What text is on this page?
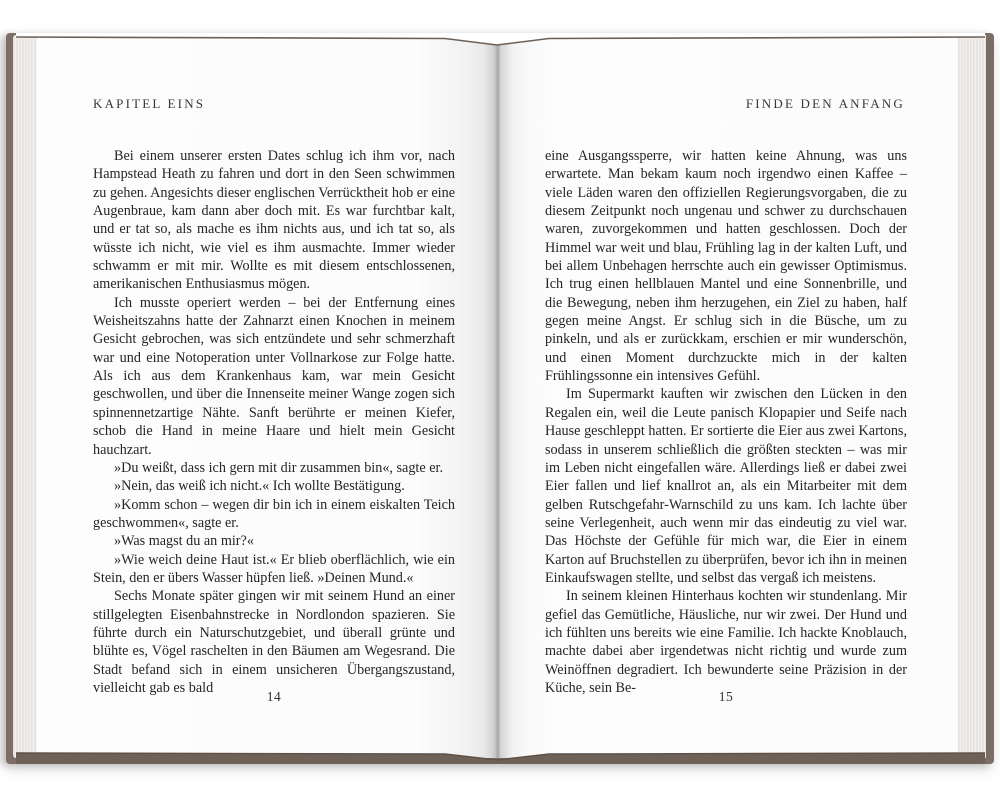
KAPITEL EINS

Bei einem unserer ersten Dates schlug ich ihm vor, nach Hampstead Heath zu fahren und dort in den Seen schwimmen zu gehen. Angesichts dieser englischen Verrücktheit hob er eine Augenbraue, kam dann aber doch mit. Es war furchtbar kalt, und er tat so, als mache es ihm nichts aus, und ich tat so, als wüsste ich nicht, wie viel es ihm ausmachte. Immer wieder schwamm er mit mir. Wollte es mit diesem entschlossenen, amerikanischen Enthusiasmus mögen.

Ich musste operiert werden – bei der Entfernung eines Weisheitszahns hatte der Zahnarzt einen Knochen in meinem Gesicht gebrochen, was sich entzündete und sehr schmerzhaft war und eine Notoperation unter Vollnarkose zur Folge hatte. Als ich aus dem Krankenhaus kam, war mein Gesicht geschwollen, und über die Innenseite meiner Wange zogen sich spinnennetzartige Nähte. Sanft berührte er meinen Kiefer, schob die Hand in meine Haare und hielt mein Gesicht hauchzart.

»Du weißt, dass ich gern mit dir zusammen bin«, sagte er.

»Nein, das weiß ich nicht.« Ich wollte Bestätigung.

»Komm schon – wegen dir bin ich in einem eiskalten Teich geschwommen«, sagte er.

»Was magst du an mir?«

»Wie weich deine Haut ist.« Er blieb oberflächlich, wie ein Stein, den er übers Wasser hüpfen ließ. »Deinen Mund.«

Sechs Monate später gingen wir mit seinem Hund an einer stillgelegten Eisenbahnstrecke in Nordlondon spazieren. Sie führte durch ein Naturschutzgebiet, und überall grünte und blühte es, Vögel raschelten in den Bäumen am Wegesrand. Die Stadt befand sich in einem unsicheren Übergangszustand, vielleicht gab es bald

14
FINDE DEN ANFANG

eine Ausgangssperre, wir hatten keine Ahnung, was uns erwartete. Man bekam kaum noch irgendwo einen Kaffee – viele Läden waren den offiziellen Regierungsvorgaben, die zu diesem Zeitpunkt noch ungenau und schwer zu durchschauen waren, zuvorgekommen und hatten geschlossen. Doch der Himmel war weit und blau, Frühling lag in der kalten Luft, und bei allem Unbehagen herrschte auch ein gewisser Optimismus. Ich trug einen hellblauen Mantel und eine Sonnenbrille, und die Bewegung, neben ihm herzugehen, ein Ziel zu haben, half gegen meine Angst. Er schlug sich in die Büsche, um zu pinkeln, und als er zurückkam, erschien er mir wunderschön, und einen Moment durchzuckte mich in der kalten Frühlingssonne ein intensives Gefühl.

Im Supermarkt kauften wir zwischen den Lücken in den Regalen ein, weil die Leute panisch Klopapier und Seife nach Hause geschleppt hatten. Er sortierte die Eier aus zwei Kartons, sodass in unserem schließlich die größten steckten – was mir im Leben nicht eingefallen wäre. Allerdings ließ er dabei zwei Eier fallen und lief knallrot an, als ein Mitarbeiter mit dem gelben Rutschgefahr-Warnschild zu uns kam. Ich lachte über seine Verlegenheit, auch wenn mir das eindeutig zu viel war. Das Höchste der Gefühle für mich war, die Eier in einem Karton auf Bruchstellen zu überprüfen, bevor ich ihn in meinen Einkaufswagen stellte, und selbst das vergaß ich meistens.

In seinem kleinen Hinterhaus kochten wir stundenlang. Mir gefiel das Gemütliche, Häusliche, nur wir zwei. Der Hund und ich fühlten uns bereits wie eine Familie. Ich hackte Knoblauch, machte dabei aber irgendetwas nicht richtig und wurde zum Weinöffnen degradiert. Ich bewunderte seine Präzision in der Küche, sein Be-

15
